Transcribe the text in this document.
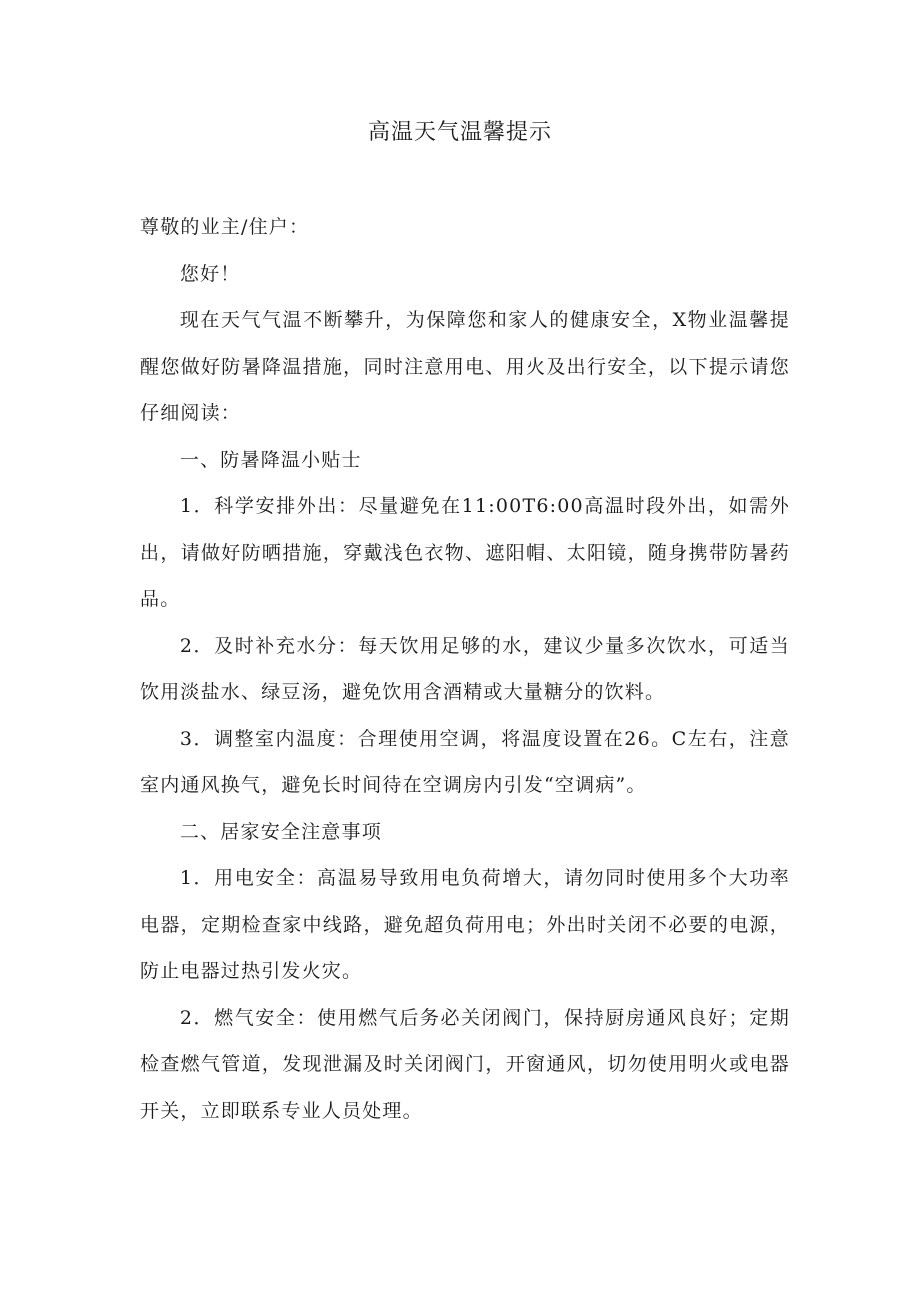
高温天气温馨提示

尊敬的业主/住户：

您好！

现在天气气温不断攀升，为保障您和家人的健康安全，X物业温馨提醒您做好防暑降温措施，同时注意用电、用火及出行安全，以下提示请您仔细阅读：

一、防暑降温小贴士

1．科学安排外出：尽量避免在11:00T6:00高温时段外出，如需外出，请做好防晒措施，穿戴浅色衣物、遮阳帽、太阳镜，随身携带防暑药品。

2．及时补充水分：每天饮用足够的水，建议少量多次饮水，可适当饮用淡盐水、绿豆汤，避免饮用含酒精或大量糖分的饮料。

3．调整室内温度：合理使用空调，将温度设置在26。C左右，注意室内通风换气，避免长时间待在空调房内引发“空调病”。

二、居家安全注意事项

1．用电安全：高温易导致用电负荷增大，请勿同时使用多个大功率电器，定期检查家中线路，避免超负荷用电；外出时关闭不必要的电源，防止电器过热引发火灾。

2．燃气安全：使用燃气后务必关闭阀门，保持厨房通风良好；定期检查燃气管道，发现泄漏及时关闭阀门，开窗通风，切勿使用明火或电器开关，立即联系专业人员处理。
